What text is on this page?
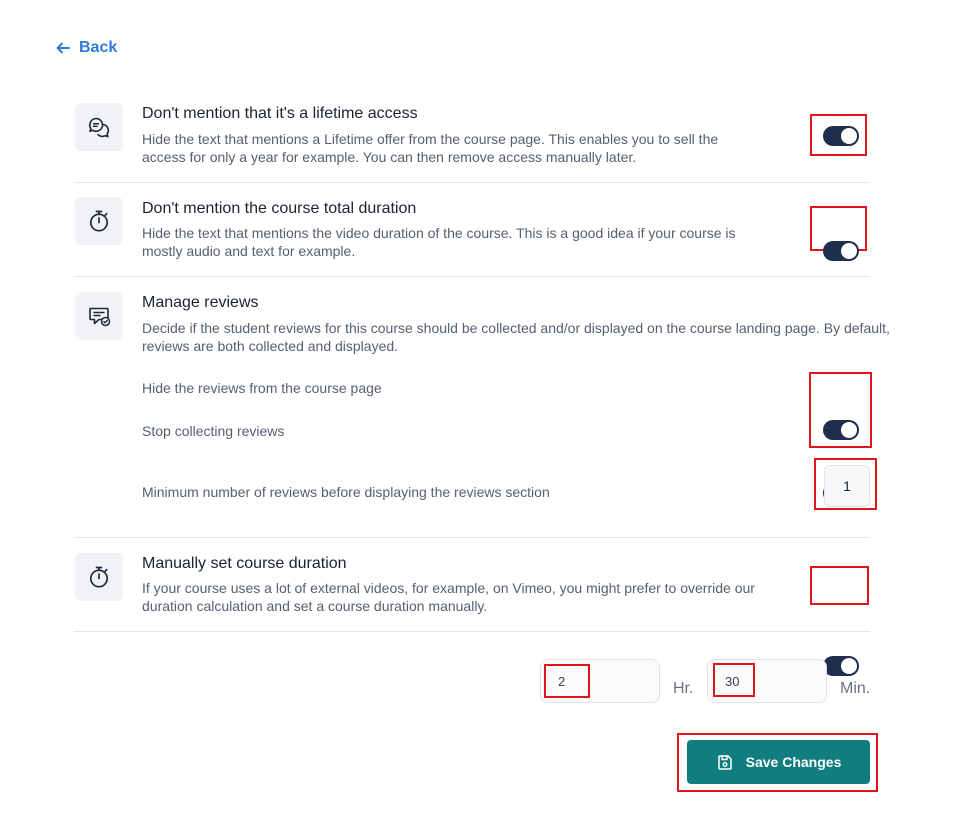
Back
Don't mention that it's a lifetime access
Hide the text that mentions a Lifetime offer from the course page. This enables you to sell the
access for only a year for example. You can then remove access manually later.
Don't mention the course total duration
Hide the text that mentions the video duration of the course. This is a good idea if your course is
mostly audio and text for example.
Manage reviews
Decide if the student reviews for this course should be collected and/or displayed on the course landing page. By default,
reviews are both collected and displayed.
Hide the reviews from the course page
Stop collecting reviews
Minimum number of reviews before displaying the reviews section	1
Manually set course duration
If your course uses a lot of external videos, for example, on Vimeo, you might prefer to override our
duration calculation and set a course duration manually.
2	Hr. 30	Min.
Save Changes
